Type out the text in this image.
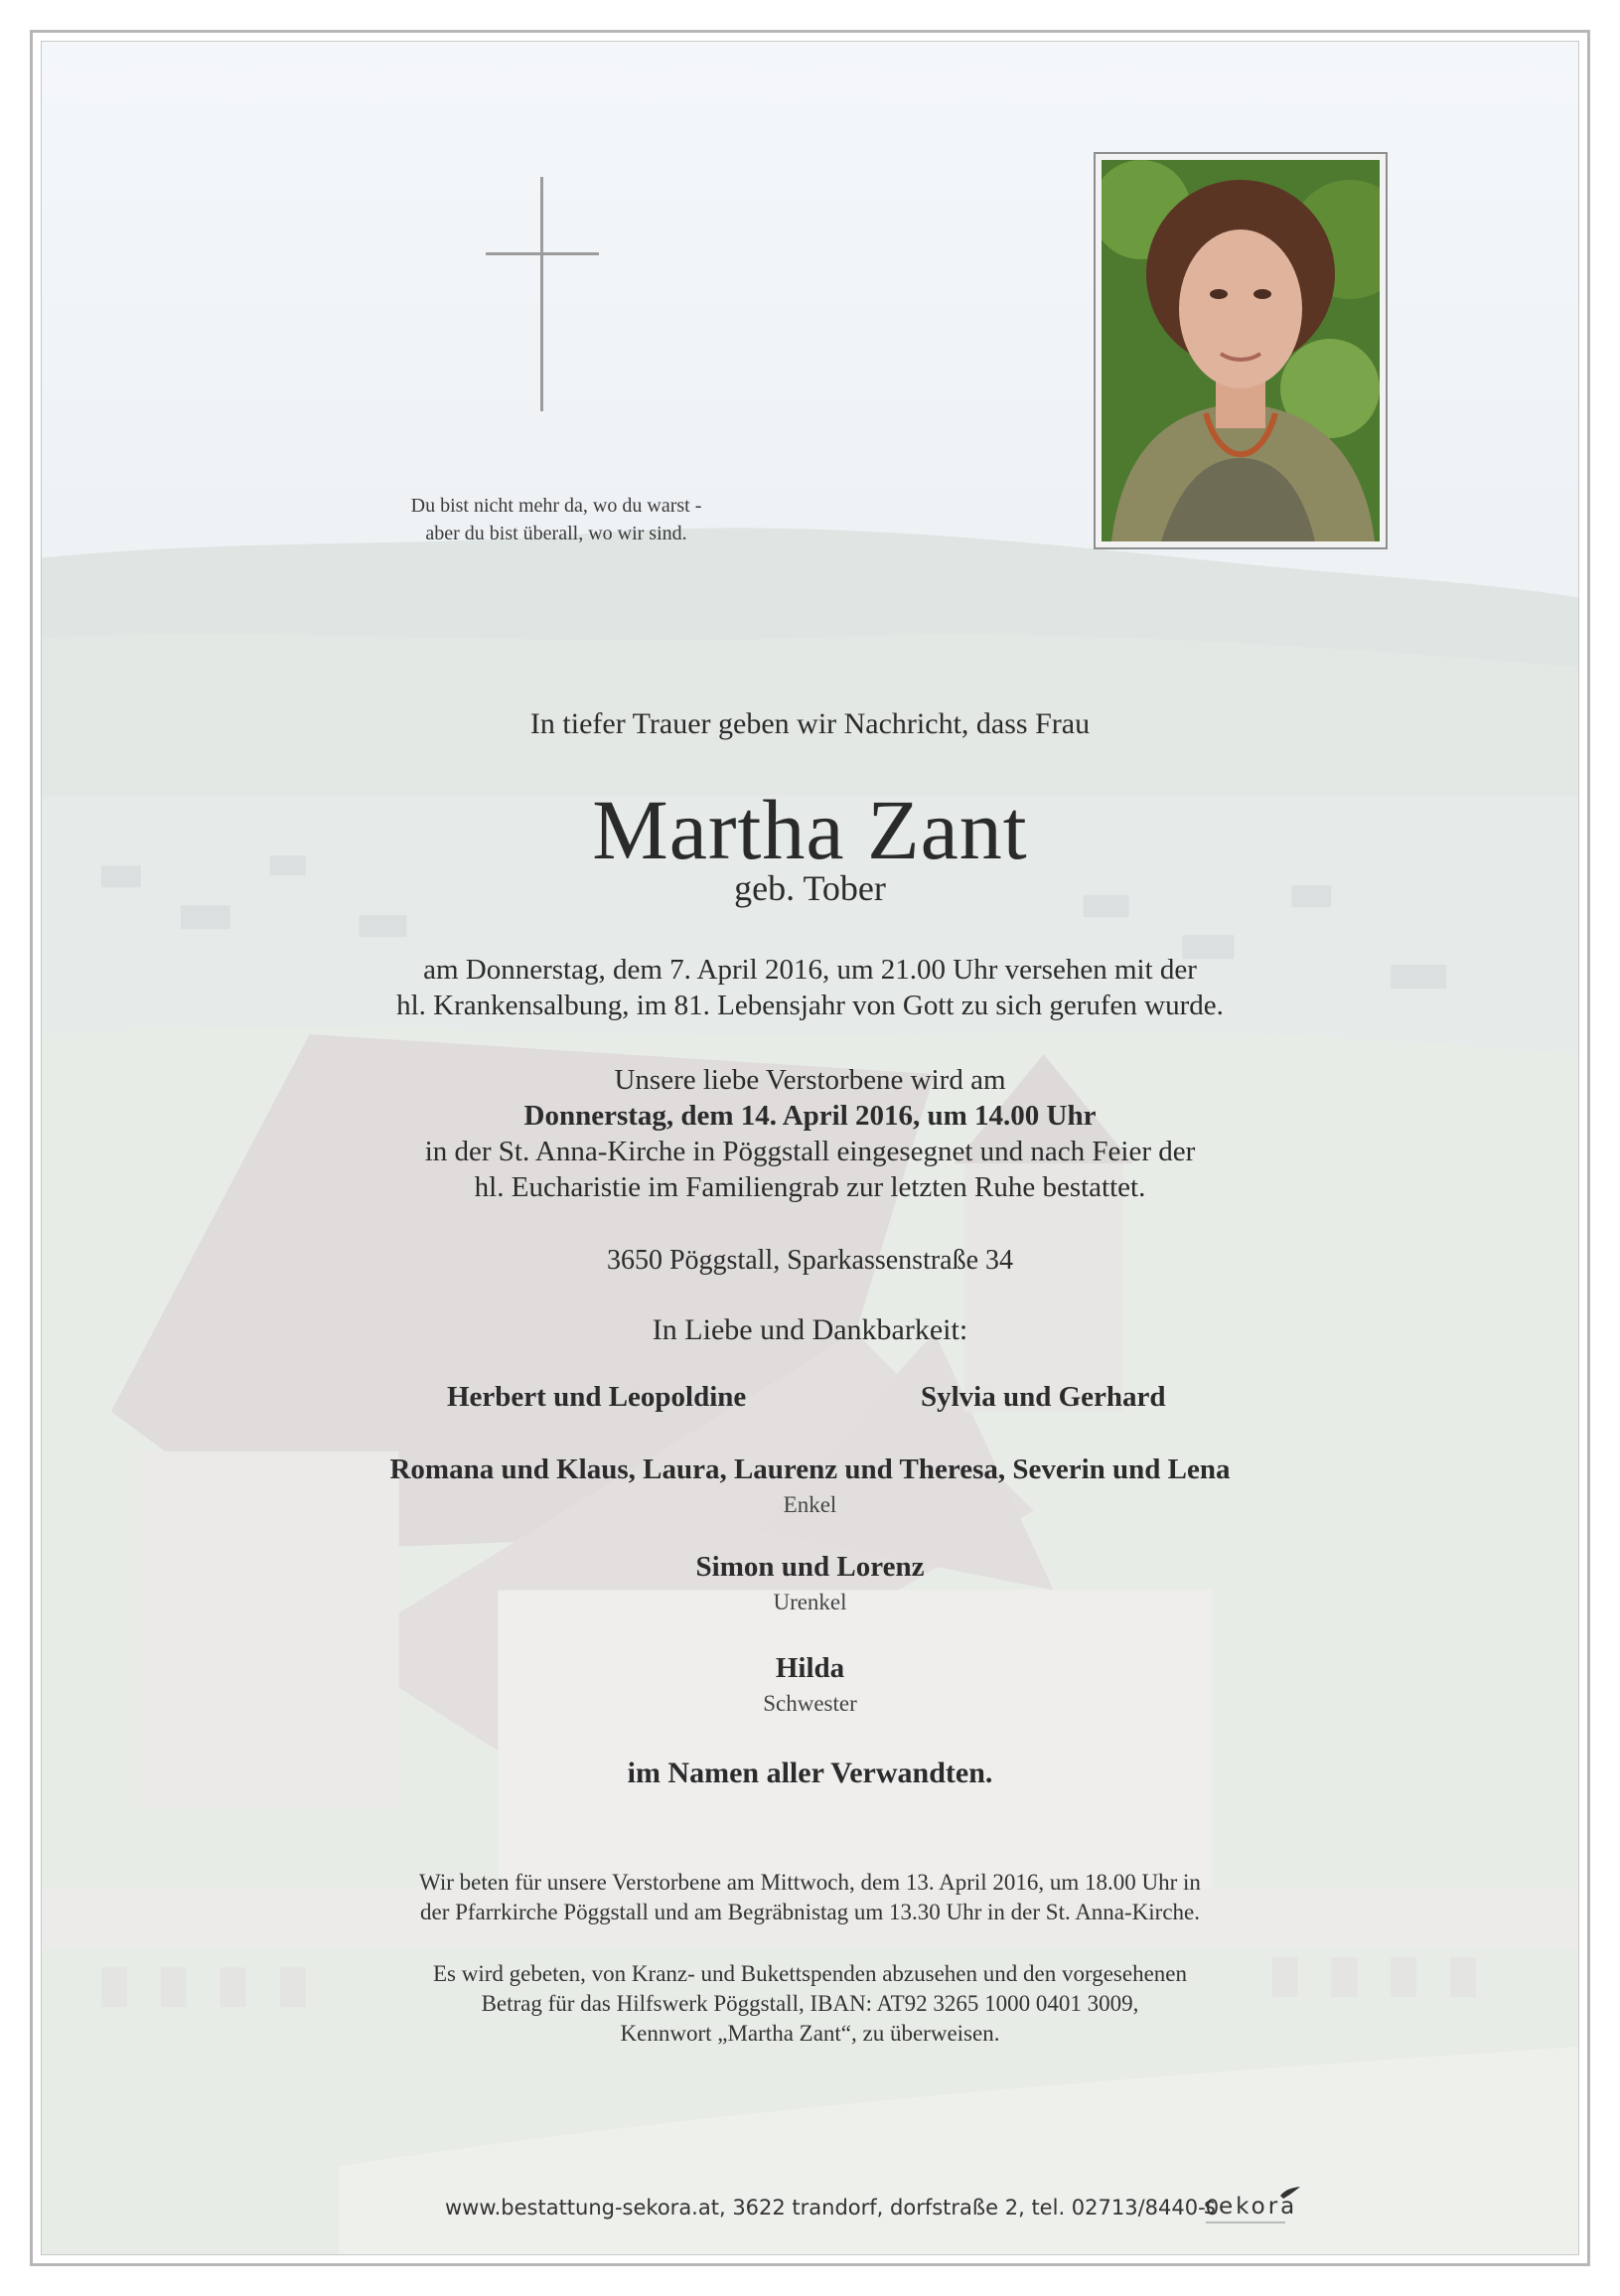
Du bist nicht mehr da, wo du warst -
aber du bist überall, wo wir sind.
In tiefer Trauer geben wir Nachricht, dass Frau
Martha Zant
geb. Tober
am Donnerstag, dem 7. April 2016, um 21.00 Uhr versehen mit der
hl. Krankensalbung, im 81. Lebensjahr von Gott zu sich gerufen wurde.
Unsere liebe Verstorbene wird am
Donnerstag, dem 14. April 2016, um 14.00 Uhr
in der St. Anna-Kirche in Pöggstall eingesegnet und nach Feier der
hl. Eucharistie im Familiengrab zur letzten Ruhe bestattet.
3650 Pöggstall, Sparkassenstraße 34
In Liebe und Dankbarkeit:
Herbert und Leopoldine	Sylvia und Gerhard
Romana und Klaus, Laura, Laurenz und Theresa, Severin und Lena
Enkel
Simon und Lorenz
Urenkel
Hilda
Schwester
im Namen aller Verwandten.
Wir beten für unsere Verstorbene am Mittwoch, dem 13. April 2016, um 18.00 Uhr in
der Pfarrkirche Pöggstall und am Begräbnistag um 13.30 Uhr in der St. Anna-Kirche.
Es wird gebeten, von Kranz- und Bukettspenden abzusehen und den vorgesehenen
Betrag für das Hilfswerk Pöggstall, IBAN: AT92 3265 1000 0401 3009,
Kennwort „Martha Zant“, zu überweisen.
www.bestattung-sekora.at, 3622 trandorf, dorfstraße 2, tel. 02713/8440-0
sekora
